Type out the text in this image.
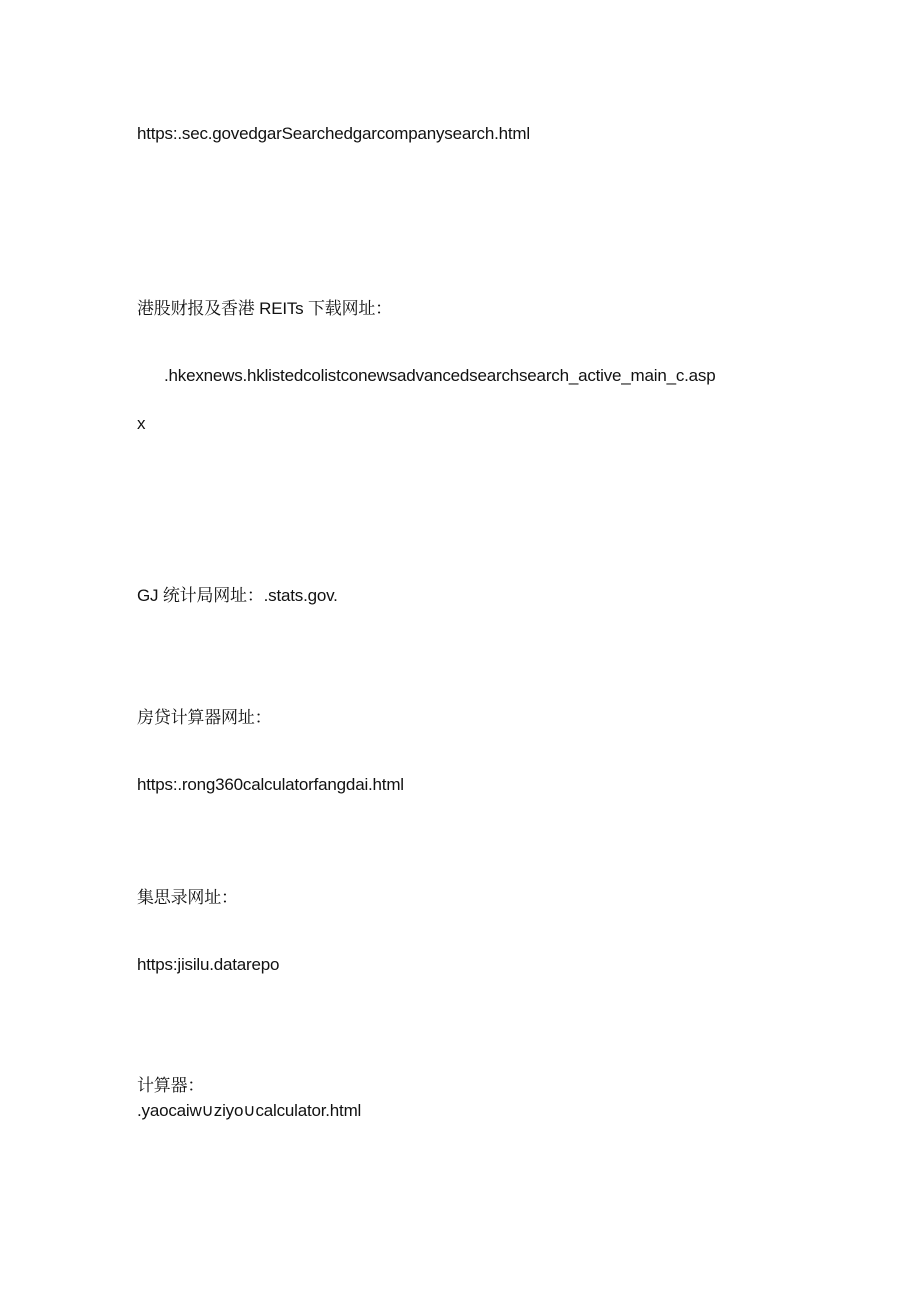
https:.sec.govedgarSearchedgarcompanysearch.html
港股财报及香港 REITs 下载网址：
.hkexnews.hklistedcolistconewsadvancedsearchsearch_active_main_c.asp
x
GJ 统计局网址：.stats.gov.
房贷计算器网址：
https:.rong360calculatorfangdai.html
集思录网址：
https:jisilu.datarepo
计算器：
.yaocaiw∪ziyo∪calculator.html
